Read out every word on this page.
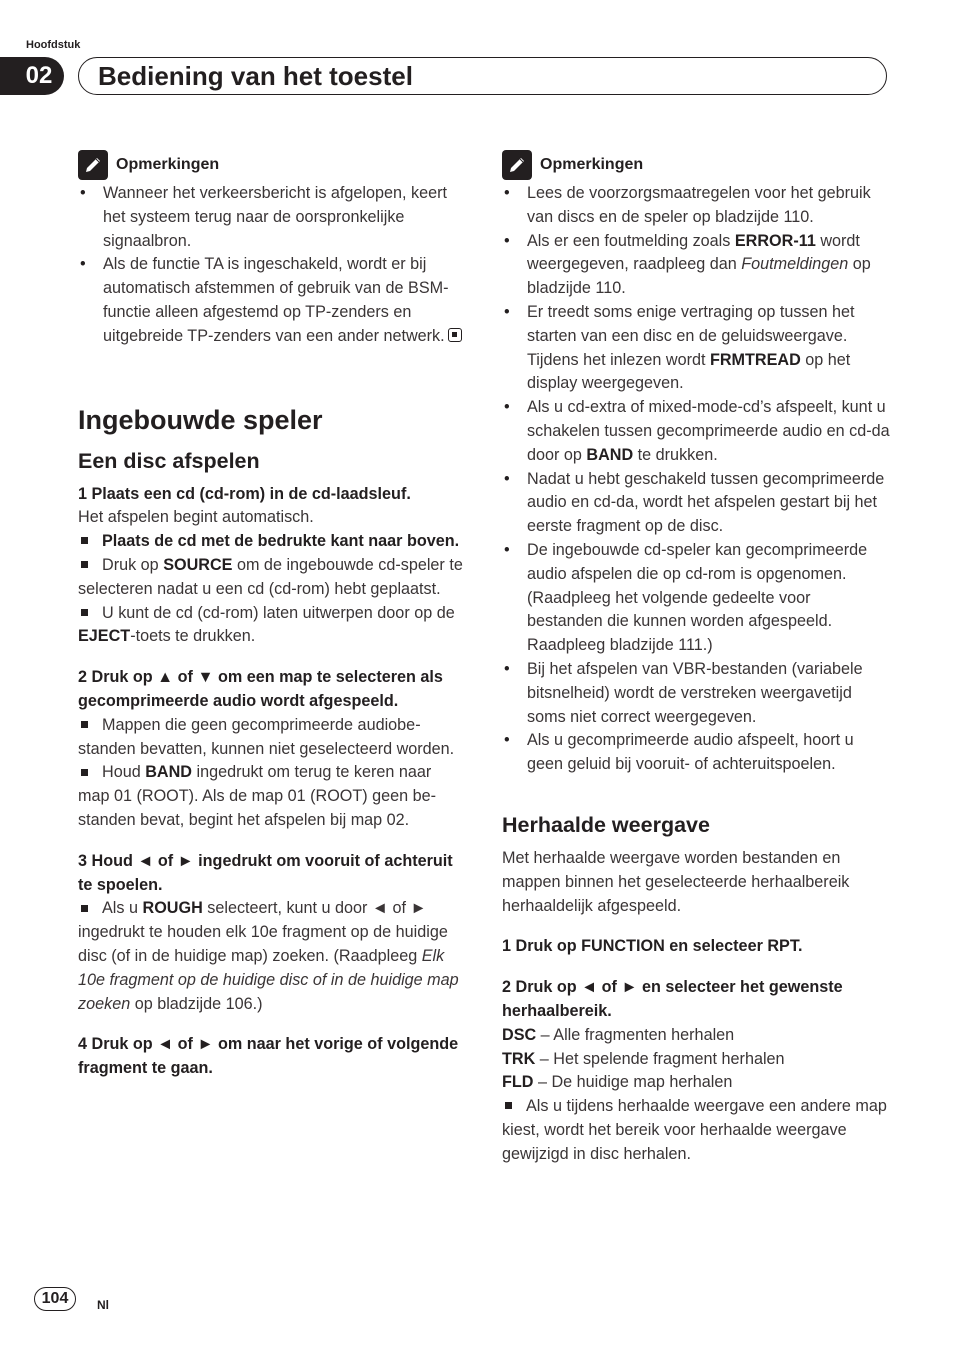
Hoofdstuk
02	Bediening van het toestel
Opmerkingen
• Wanneer het verkeersbericht is afgelopen, keert het systeem terug naar de oorspronkelijke signaalbron.
• Als de functie TA is ingeschakeld, wordt er bij automatisch afstemmen of gebruik van de BSM-functie alleen afgestemd op TP-zenders en uitgebreide TP-zenders van een ander netwerk.
Ingebouwde speler
Een disc afspelen

1 Plaats een cd (cd-rom) in de cd-laadsleuf.

Het afspelen begint automatisch.

Plaats de cd met de bedrukte kant naar boven.

Druk op SOURCE om de ingebouwde cd-speler te selecteren nadat u een cd (cd-rom) hebt geplaatst.

U kunt de cd (cd-rom) laten uitwerpen door op de EJECT-toets te drukken.

2 Druk op ▲ of ▼ om een map te selecteren als gecomprimeerde audio wordt afgespeeld.

Mappen die geen gecomprimeerde audiobestanden bevatten, kunnen niet geselecteerd worden.

Houd BAND ingedrukt om terug te keren naar map 01 (ROOT). Als de map 01 (ROOT) geen bestanden bevat, begint het afspelen bij map 02.

3 Houd ◄ of ► ingedrukt om vooruit of achteruit te spoelen.

Als u ROUGH selecteert, kunt u door ◄ of ► ingedrukt te houden elk 10e fragment op de huidige disc (of in de huidige map) zoeken. (Raadpleeg Elk 10e fragment op de huidige disc of in de huidige map zoeken op bladzijde 106.)

4 Druk op ◄ of ► om naar het vorige of volgende fragment te gaan.

Opmerkingen
• Lees de voorzorgsmaatregelen voor het gebruik van discs en de speler op bladzijde 110.
• Als er een foutmelding zoals ERROR-11 wordt weergegeven, raadpleeg dan Foutmeldingen op bladzijde 110.
• Er treedt soms enige vertraging op tussen het starten van een disc en de geluidsweergave. Tijdens het inlezen wordt FRMTREAD op het display weergegeven.
• Als u cd-extra of mixed-mode-cd’s afspeelt, kunt u schakelen tussen gecomprimeerde audio en cd-da door op BAND te drukken.
• Nadat u hebt geschakeld tussen gecomprimeerde audio en cd-da, wordt het afspelen gestart bij het eerste fragment op de disc.
• De ingebouwde cd-speler kan gecomprimeerde audio afspelen die op cd-rom is opgenomen. (Raadpleeg het volgende gedeelte voor bestanden die kunnen worden afgespeeld. Raadpleeg bladzijde 111.)
• Bij het afspelen van VBR-bestanden (variabele bitsnelheid) wordt de verstreken weergavetijd soms niet correct weergegeven.
• Als u gecomprimeerde audio afspeelt, hoort u geen geluid bij vooruit- of achteruitspoelen.
Herhaalde weergave

Met herhaalde weergave worden bestanden en mappen binnen het geselecteerde herhaalbereik herhaaldelijk afgespeeld.

1 Druk op FUNCTION en selecteer RPT.

2 Druk op ◄ of ► en selecteer het gewenste herhaalbereik.

DSC – Alle fragmenten herhalen

TRK – Het spelende fragment herhalen

FLD – De huidige map herhalen

Als u tijdens herhaalde weergave een andere map kiest, wordt het bereik voor herhaalde weergave gewijzigd in disc herhalen.

104	Nl
